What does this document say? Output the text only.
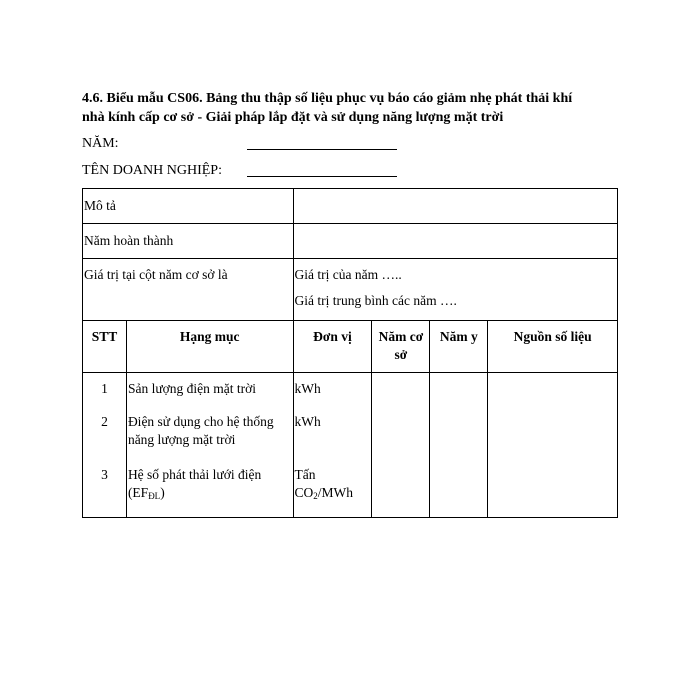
4.6. Biểu mẫu CS06. Bảng thu thập số liệu phục vụ báo cáo giảm nhẹ phát thải khí
nhà kính cấp cơ sở - Giải pháp lắp đặt và sử dụng năng lượng mặt trời
NĂM:
TÊN DOANH NGHIỆP:
Mô tả					
Năm hoàn thành					
Giá trị tại cột năm cơ sở là		Giá trị của năm …..
Giá trị trung bình các năm ….			

STT	Hạng mục	Đơn vị	Năm cơ sở	Năm y	Nguồn số liệu
1	Sản lượng điện mặt trời	kWh			
2	Điện sử dụng cho hệ thống năng lượng mặt trời	kWh			
3	Hệ số phát thải lưới điện $(EF_{ĐL})$	Tấn
$CO_2$/MWh			
